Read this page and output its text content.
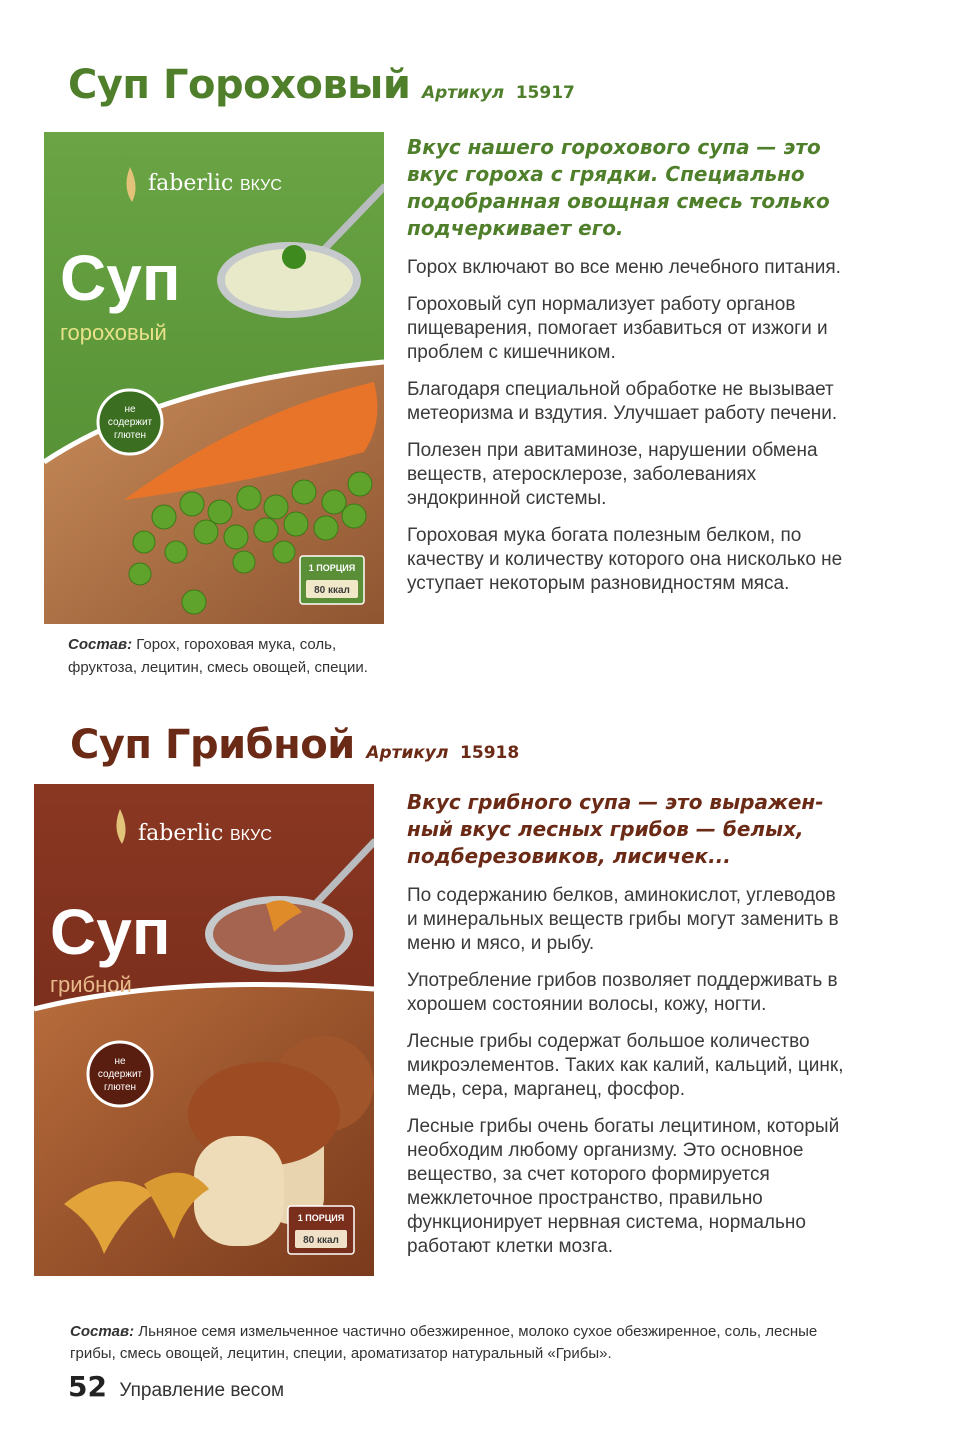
Суп Гороховый Артикул 15917
faberlic ВКУС
Суп
гороховый
не
содержит
глютен
1 ПОРЦИЯ
80 ккал

Вкус нашего горохового супа — это вкус гороха с грядки. Специально подобранная овощная смесь только подчеркивает его.

Горох включают во все меню лечебного питания.

Гороховый суп нормализует работу органов пищеварения, помогает избавиться от изжоги и проблем с кишечником.

Благодаря специальной обработке не вызывает метеоризма и вздутия. Улучшает работу печени.

Полезен при авитаминозе, нарушении обмена веществ, атеросклерозе, заболеваниях эндокринной системы.

Гороховая мука богата полезным белком, по качеству и количеству которого она нисколько не уступает некоторым разновидностям мяса.

Состав: Горох, гороховая мука, соль, фруктоза, лецитин, смесь овощей, специи.
Суп Грибной Артикул 15918
faberlic ВКУС
Суп
грибной
не
содержит
глютен
1 ПОРЦИЯ
80 ккал

Вкус грибного супа — это выраженный вкус лесных грибов — белых, подберезовиков, лисичек...

По содержанию белков, аминокислот, углеводов и минеральных веществ грибы могут заменить в меню и мясо, и рыбу.

Употребление грибов позволяет поддерживать в хорошем состоянии волосы, кожу, ногти.

Лесные грибы содержат большое количество микроэлементов. Таких как калий, кальций, цинк, медь, сера, марганец, фосфор.

Лесные грибы очень богаты лецитином, который необходим любому организму. Это основное вещество, за счет которого формируется межклеточное пространство, правильно функционирует нервная система, нормально работают клетки мозга.

Состав: Льняное семя измельченное частично обезжиренное, молоко сухое обезжиренное, соль, лесные грибы, смесь овощей, лецитин, специи, ароматизатор натуральный «Грибы».
52 Управление весом
